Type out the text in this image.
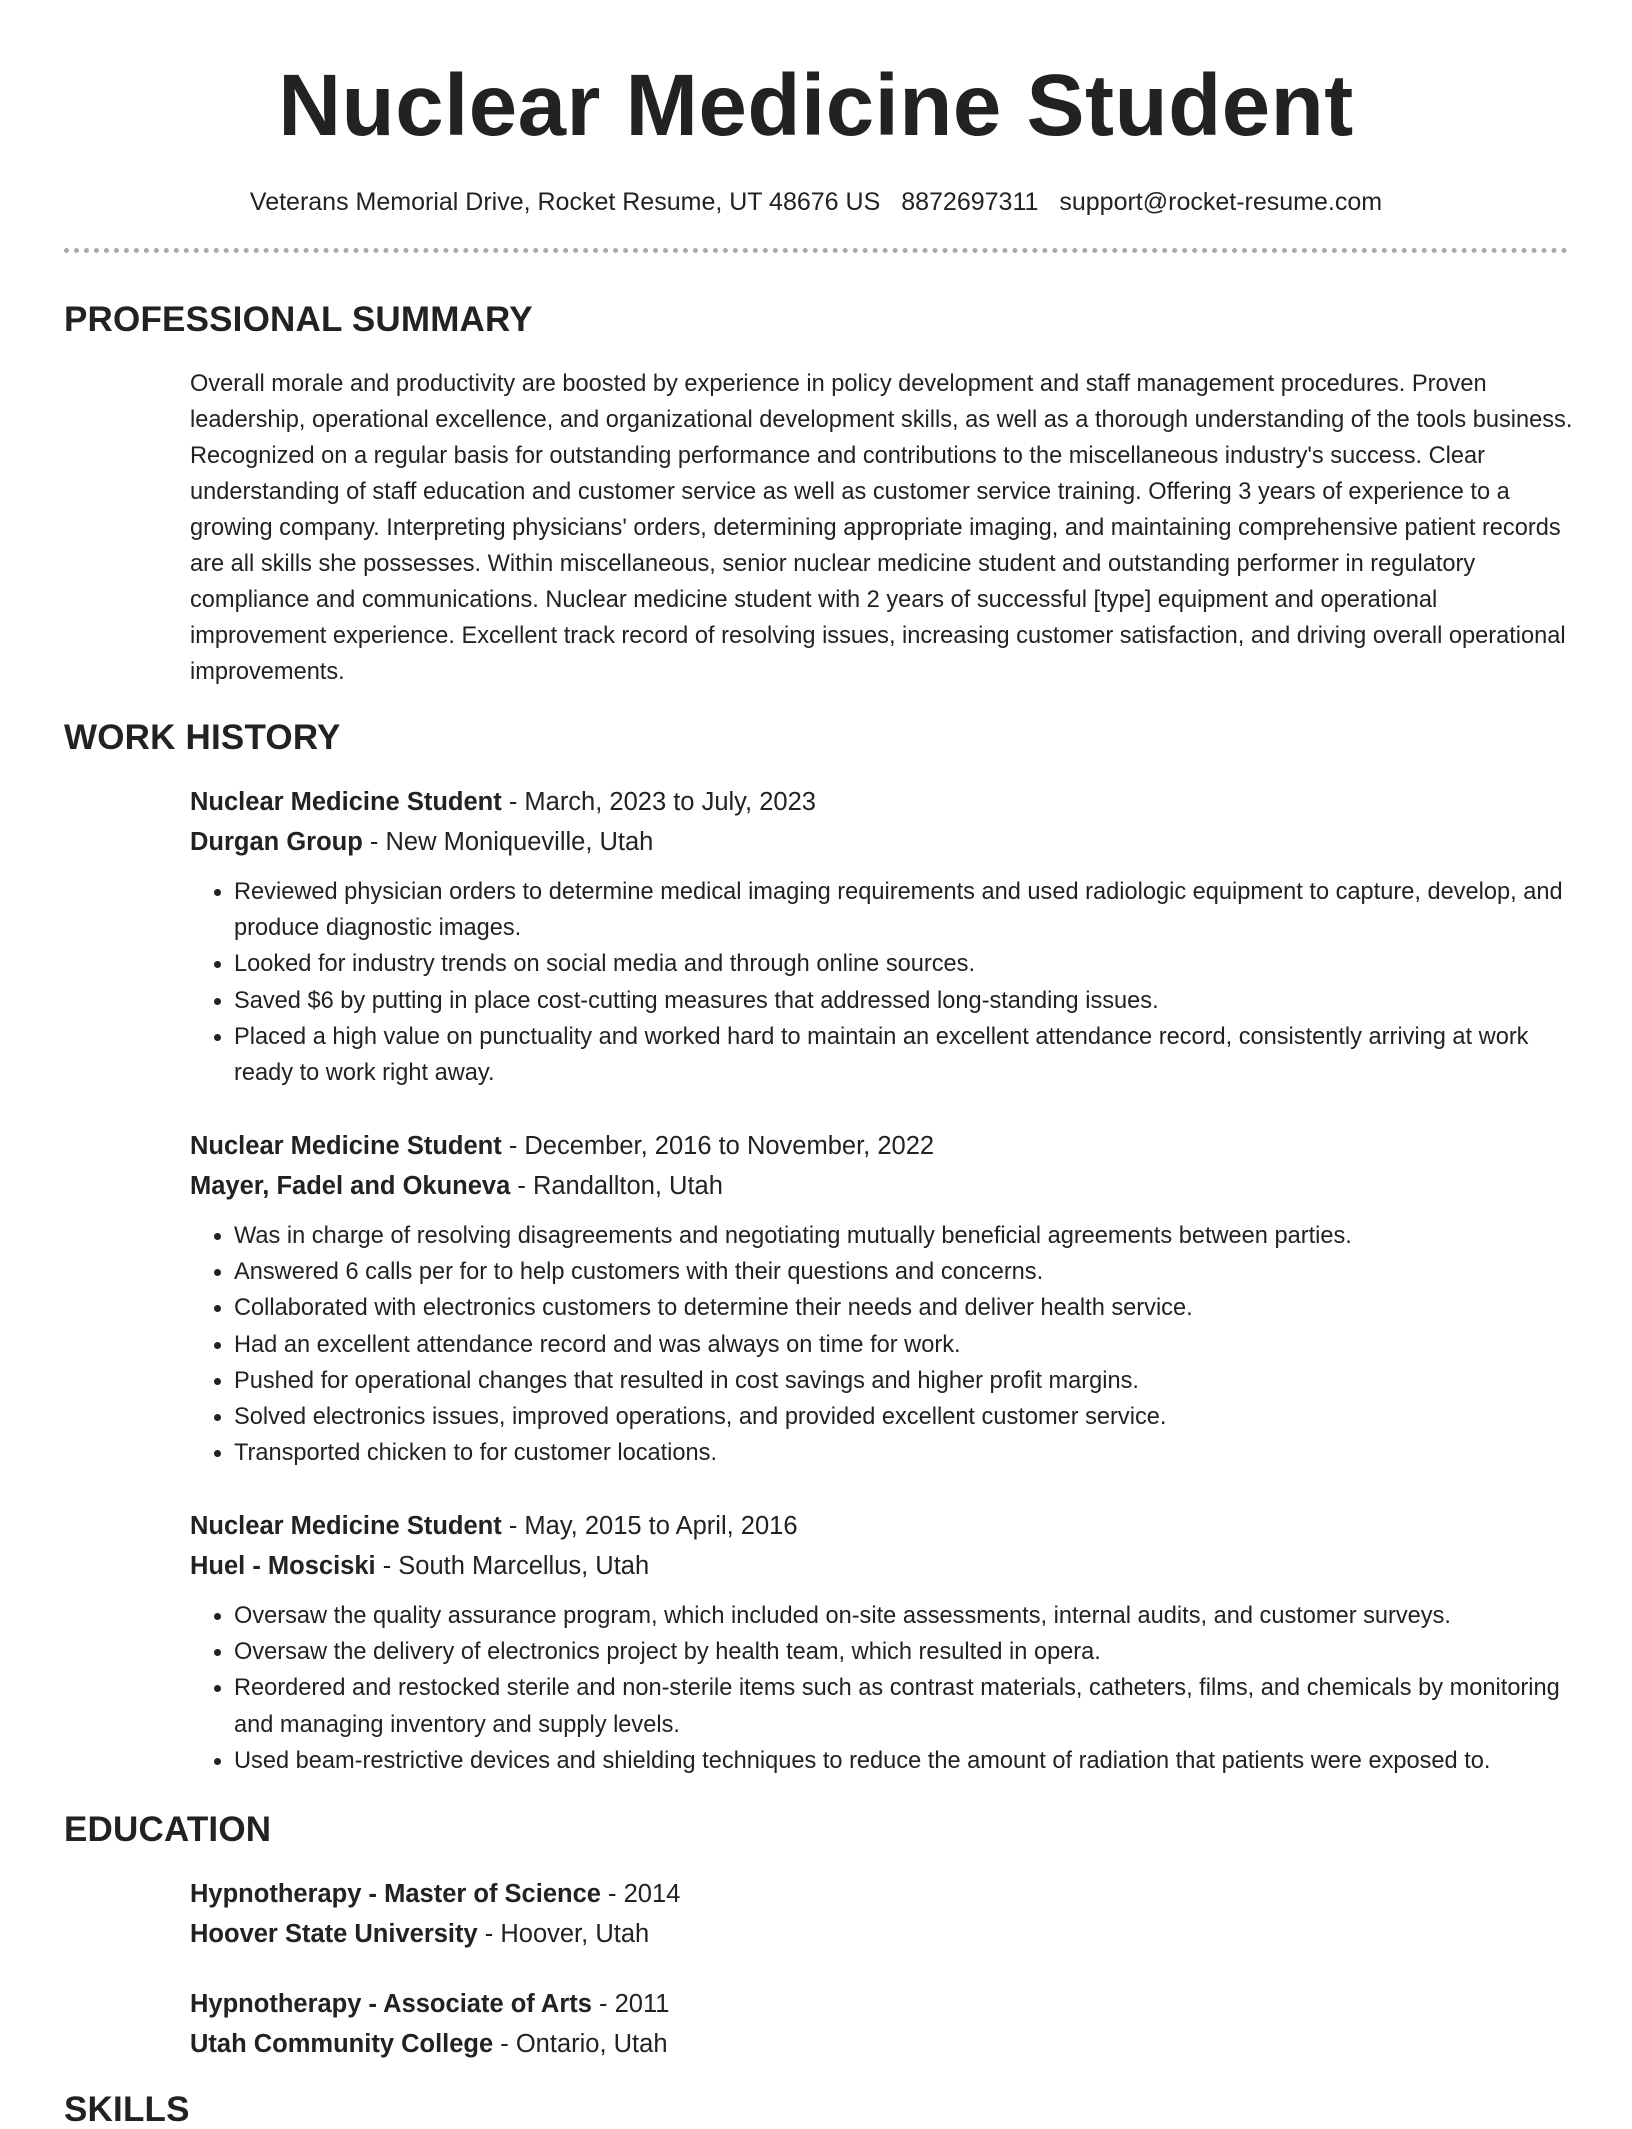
Nuclear Medicine Student
Veterans Memorial Drive, Rocket Resume, UT 48676 US 8872697311 support@rocket-resume.com
PROFESSIONAL SUMMARY

Overall morale and productivity are boosted by experience in policy development and staff management procedures. Proven leadership, operational excellence, and organizational development skills, as well as a thorough understanding of the tools business. Recognized on a regular basis for outstanding performance and contributions to the miscellaneous industry's success. Clear understanding of staff education and customer service as well as customer service training. Offering 3 years of experience to a growing company. Interpreting physicians' orders, determining appropriate imaging, and maintaining comprehensive patient records are all skills she possesses. Within miscellaneous, senior nuclear medicine student and outstanding performer in regulatory compliance and communications. Nuclear medicine student with 2 years of successful [type] equipment and operational improvement experience. Excellent track record of resolving issues, increasing customer satisfaction, and driving overall operational improvements.

WORK HISTORY
Nuclear Medicine Student - March, 2023 to July, 2023
Durgan Group - New Moniqueville, Utah
• Reviewed physician orders to determine medical imaging requirements and used radiologic equipment to capture, develop, and produce diagnostic images.
• Looked for industry trends on social media and through online sources.
• Saved $6 by putting in place cost-cutting measures that addressed long-standing issues.
• Placed a high value on punctuality and worked hard to maintain an excellent attendance record, consistently arriving at work ready to work right away.
Nuclear Medicine Student - December, 2016 to November, 2022
Mayer, Fadel and Okuneva - Randallton, Utah
• Was in charge of resolving disagreements and negotiating mutually beneficial agreements between parties.
• Answered 6 calls per for to help customers with their questions and concerns.
• Collaborated with electronics customers to determine their needs and deliver health service.
• Had an excellent attendance record and was always on time for work.
• Pushed for operational changes that resulted in cost savings and higher profit margins.
• Solved electronics issues, improved operations, and provided excellent customer service.
• Transported chicken to for customer locations.
Nuclear Medicine Student - May, 2015 to April, 2016
Huel - Mosciski - South Marcellus, Utah
• Oversaw the quality assurance program, which included on-site assessments, internal audits, and customer surveys.
• Oversaw the delivery of electronics project by health team, which resulted in opera.
• Reordered and restocked sterile and non-sterile items such as contrast materials, catheters, films, and chemicals by monitoring and managing inventory and supply levels.
• Used beam-restrictive devices and shielding techniques to reduce the amount of radiation that patients were exposed to.
EDUCATION
Hypnotherapy - Master of Science - 2014
Hoover State University - Hoover, Utah
Hypnotherapy - Associate of Arts - 2011
Utah Community College - Ontario, Utah
SKILLS
